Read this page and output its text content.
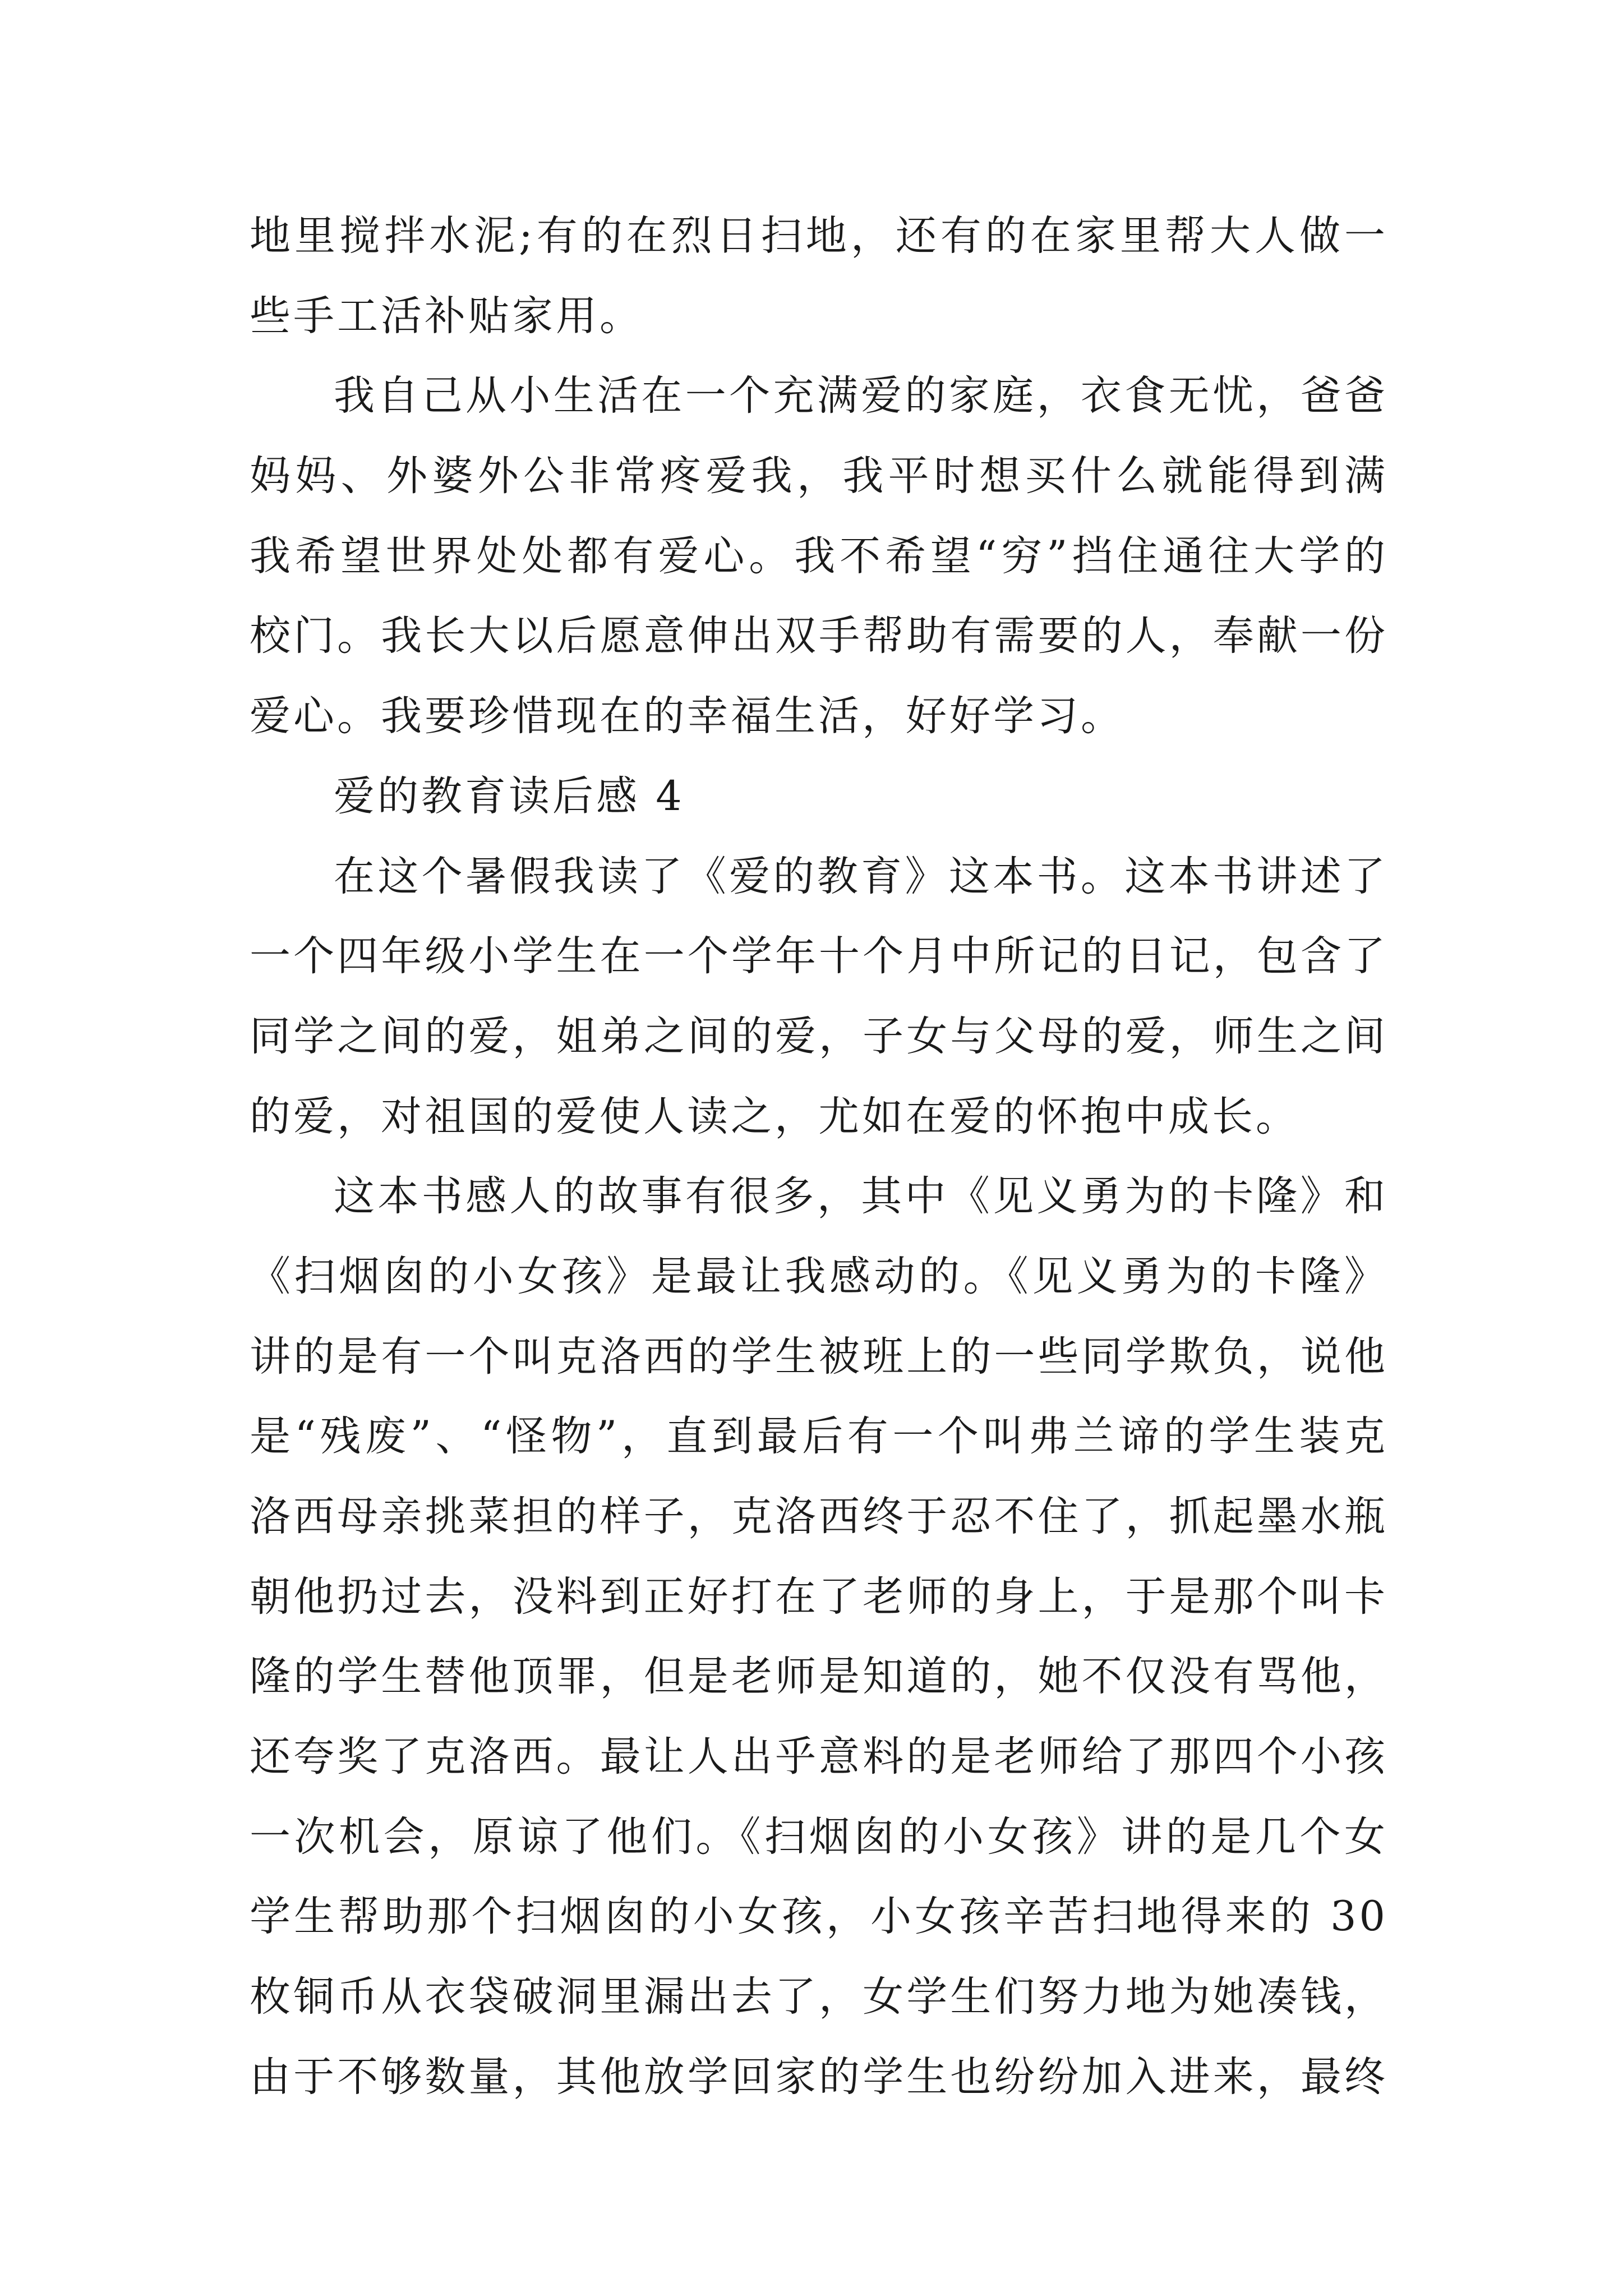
地里搅拌水泥;有的在烈日扫地，还有的在家里帮大人做一
些手工活补贴家用。
我自己从小生活在一个充满爱的家庭，衣食无忧，爸爸
妈妈、外婆外公非常疼爱我，我平时想买什么就能得到满
我希望世界处处都有爱心。我不希望“穷”挡住通往大学的
校门。我长大以后愿意伸出双手帮助有需要的人，奉献一份
爱心。我要珍惜现在的幸福生活，好好学习。
爱的教育读后感 4
在这个暑假我读了《爱的教育》这本书。这本书讲述了
一个四年级小学生在一个学年十个月中所记的日记，包含了
同学之间的爱，姐弟之间的爱，子女与父母的爱，师生之间
的爱，对祖国的爱使人读之，尤如在爱的怀抱中成长。
这本书感人的故事有很多，其中《见义勇为的卡隆》和
《扫烟囱的小女孩》是最让我感动的。《见义勇为的卡隆》
讲的是有一个叫克洛西的学生被班上的一些同学欺负，说他
是“残废”、“怪物”，直到最后有一个叫弗兰谛的学生装克
洛西母亲挑菜担的样子，克洛西终于忍不住了，抓起墨水瓶
朝他扔过去，没料到正好打在了老师的身上，于是那个叫卡
隆的学生替他顶罪，但是老师是知道的，她不仅没有骂他，
还夸奖了克洛西。最让人出乎意料的是老师给了那四个小孩
一次机会，原谅了他们。《扫烟囱的小女孩》讲的是几个女
学生帮助那个扫烟囱的小女孩，小女孩辛苦扫地得来的 30
枚铜币从衣袋破洞里漏出去了，女学生们努力地为她凑钱，
由于不够数量，其他放学回家的学生也纷纷加入进来，最终
